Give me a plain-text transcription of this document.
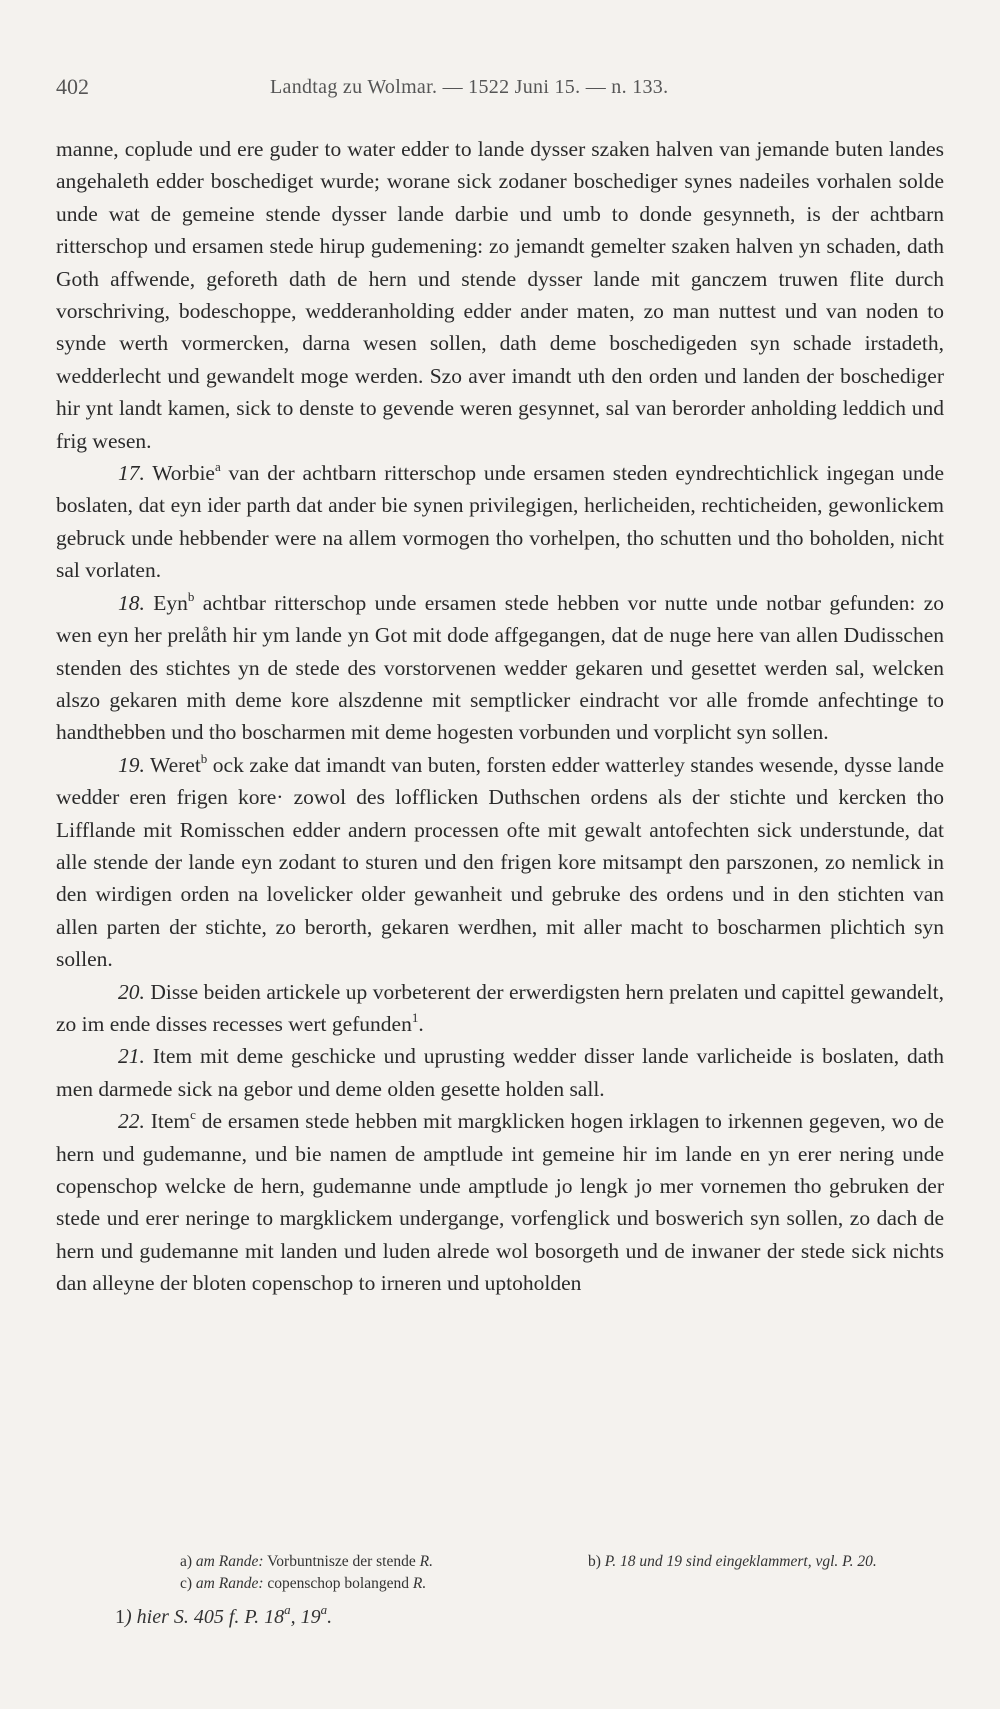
402	Landtag zu Wolmar. — 1522 Juni 15. — n. 133.

manne, coplude und ere guder to water edder to lande dysser szaken halven van jemande buten landes angehaleth edder boschediget wurde; worane sick zodaner boschediger synes nadeiles vorhalen solde unde wat de gemeine stende dysser lande darbie und umb to donde gesynneth, is der achtbarn ritterschop und ersamen stede hirup gudemening: zo jemandt gemelter szaken halven yn schaden, dath Goth affwende, geforeth dath de hern und stende dysser lande mit ganczem truwen flite durch vorschriving, bodeschoppe, wedderanholding edder ander maten, zo man nuttest und van noden to synde werth vormercken, darna wesen sollen, dath deme boschedigeden syn schade irstadeth, wedderlecht und gewandelt moge werden. Szo aver imandt uth den orden und landen der boschediger hir ynt landt kamen, sick to denste to gevende weren gesynnet, sal van berorder anholding leddich und frig wesen.

17. Worbie$^a$ van der achtbarn ritterschop unde ersamen steden eyndrechtichlick ingegan unde boslaten, dat eyn ider parth dat ander bie synen privilegigen, herlicheiden, rechticheiden, gewonlickem gebruck unde hebbender were na allem vormogen tho vorhelpen, tho schutten und tho boholden, nicht sal vorlaten.

18. Eyn$^b$ achtbar ritterschop unde ersamen stede hebben vor nutte unde notbar gefunden: zo wen eyn her prelåth hir ym lande yn Got mit dode affgegangen, dat de nuge here van allen Dudisschen stenden des stichtes yn de stede des vorstorvenen wedder gekaren und gesettet werden sal, welcken alszo gekaren mith deme kore alszdenne mit semptlicker eindracht vor alle fromde anfechtinge to handthebben und tho boscharmen mit deme hogesten vorbunden und vorplicht syn sollen.

19. Weret$^b$ ock zake dat imandt van buten, forsten edder watterley standes wesende, dysse lande wedder eren frigen kore· zowol des lofflicken Duthschen ordens als der stichte und kercken tho Lifflande mit Romisschen edder andern processen ofte mit gewalt antofechten sick understunde, dat alle stende der lande eyn zodant to sturen und den frigen kore mitsampt den parszonen, zo nemlick in den wirdigen orden na lovelicker older gewanheit und gebruke des ordens und in den stichten van allen parten der stichte, zo berorth, gekaren werdhen, mit aller macht to boscharmen plichtich syn sollen.

20. Disse beiden artickele up vorbeterent der erwerdigsten hern prelaten und capittel gewandelt, zo im ende disses recesses wert gefunden$^1$.

21. Item mit deme geschicke und uprusting wedder disser lande varlicheide is boslaten, dath men darmede sick na gebor und deme olden gesette holden sall.

22. Item$^c$ de ersamen stede hebben mit margklicken hogen irklagen to irkennen gegeven, wo de hern und gudemanne, und bie namen de amptlude int gemeine hir im lande en yn erer nering unde copenschop welcke de hern, gudemanne unde amptlude jo lengk jo mer vornemen tho gebruken der stede und erer neringe to margklickem undergange, vorfenglick und boswerich syn sollen, zo dach de hern und gudemanne mit landen und luden alrede wol bosorgeth und de inwaner der stede sick nichts dan alleyne der bloten copenschop to irneren und uptoholden

a) am Rande: Vorbuntnisze der stende R.	b) P. 18 und 19 sind eingeklammert, vgl. P. 20.
c) am Rande: copenschop bolangend R.
1) hier S. 405 f. P. 18$^a$, 19$^a$.
